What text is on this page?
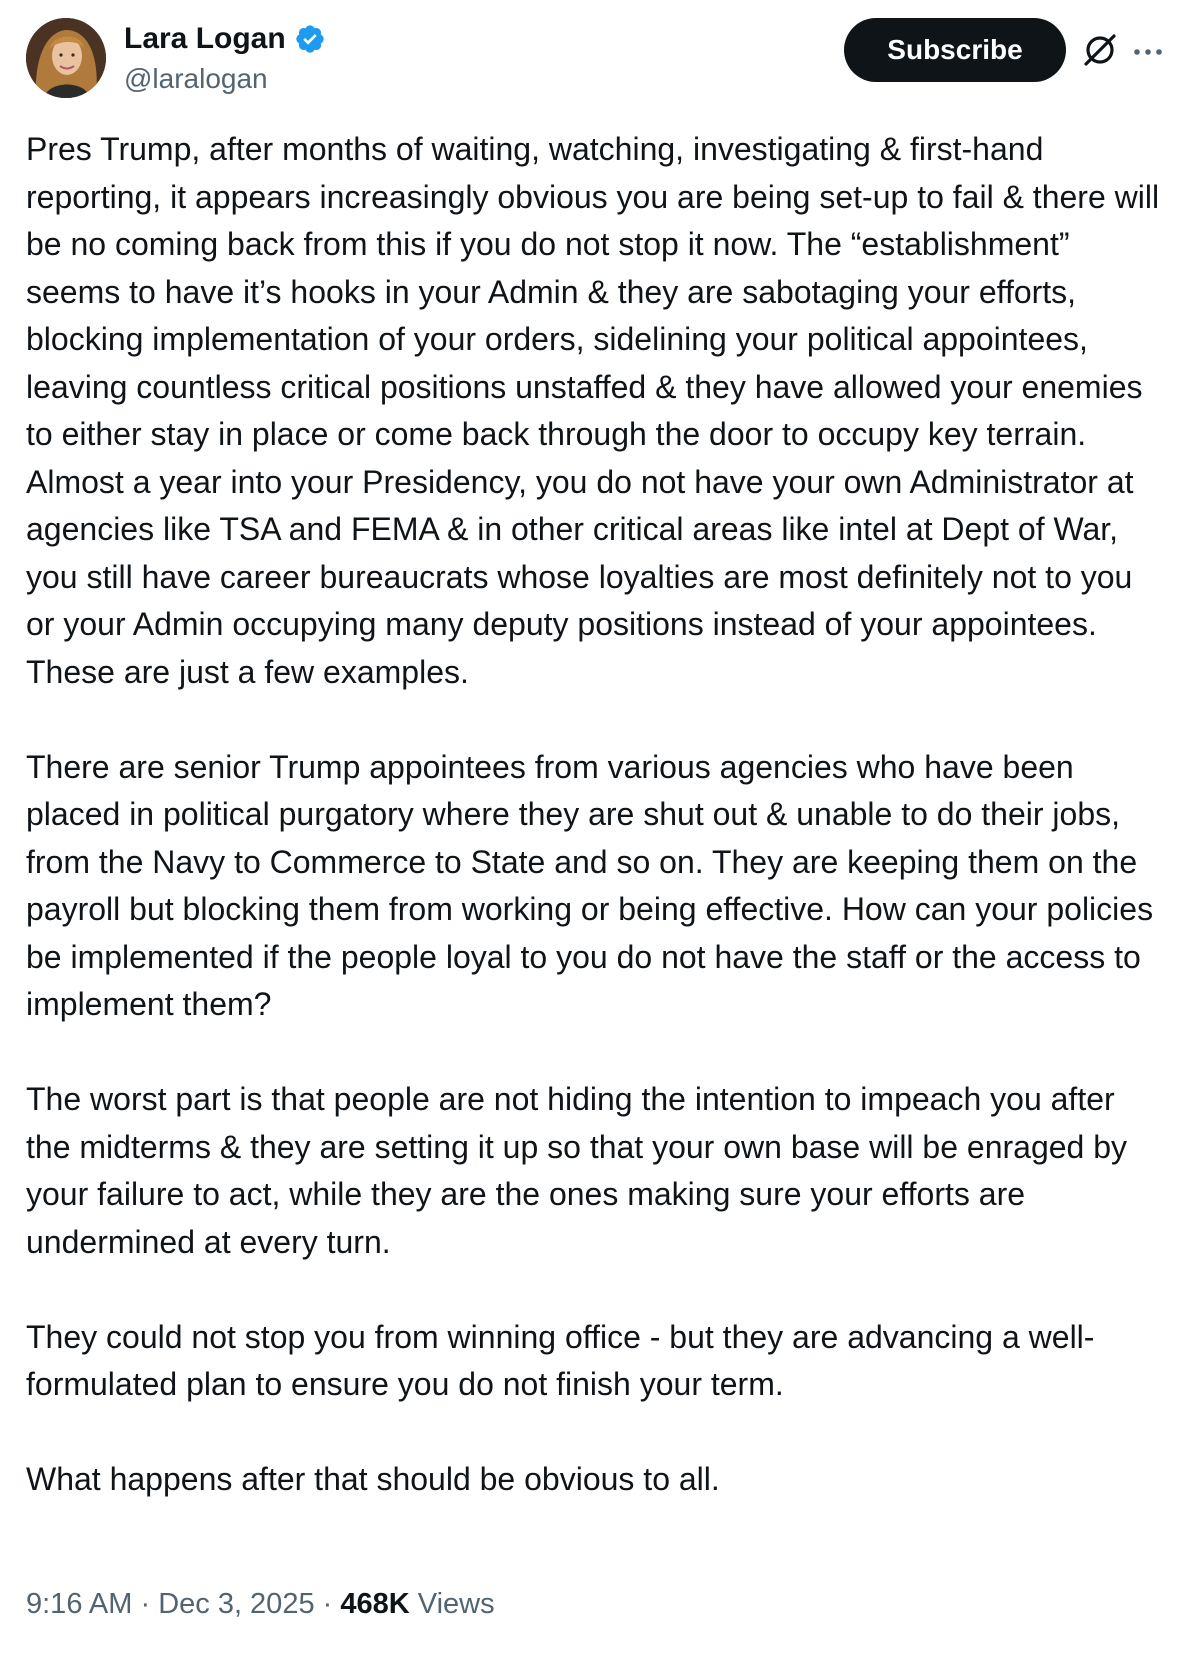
Lara Logan
@laralogan
Subscribe

Pres Trump, after months of waiting, watching, investigating & first-hand reporting, it appears increasingly obvious you are being set-up to fail & there will be no coming back from this if you do not stop it now. The “establishment” seems to have it’s hooks in your Admin & they are sabotaging your efforts, blocking implementation of your orders, sidelining your political appointees, leaving countless critical positions unstaffed & they have allowed your enemies to either stay in place or come back through the door to occupy key terrain. Almost a year into your Presidency, you do not have your own Administrator at agencies like TSA and FEMA & in other critical areas like intel at Dept of War, you still have career bureaucrats whose loyalties are most definitely not to you or your Admin occupying many deputy positions instead of your appointees. These are just a few examples.

There are senior Trump appointees from various agencies who have been placed in political purgatory where they are shut out & unable to do their jobs, from the Navy to Commerce to State and so on. They are keeping them on the payroll but blocking them from working or being effective. How can your policies be implemented if the people loyal to you do not have the staff or the access to implement them?

The worst part is that people are not hiding the intention to impeach you after the midterms & they are setting it up so that your own base will be enraged by your failure to act, while they are the ones making sure your efforts are undermined at every turn.

They could not stop you from winning office - but they are advancing a well-formulated plan to ensure you do not finish your term.

What happens after that should be obvious to all.

9:16 AM · Dec 3, 2025 · 468K Views
